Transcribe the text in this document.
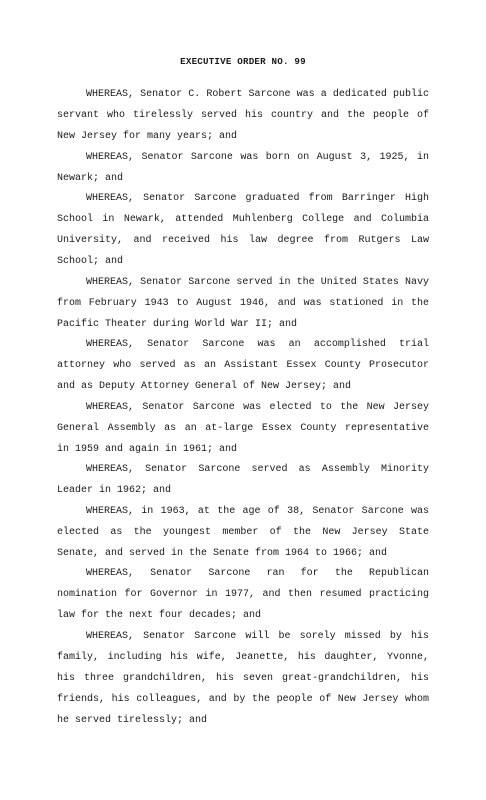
EXECUTIVE ORDER NO. 99

WHEREAS, Senator C. Robert Sarcone was a dedicated public servant who tirelessly served his country and the people of New Jersey for many years; and

WHEREAS, Senator Sarcone was born on August 3, 1925, in Newark; and

WHEREAS, Senator Sarcone graduated from Barringer High School in Newark, attended Muhlenberg College and Columbia University, and received his law degree from Rutgers Law School; and

WHEREAS, Senator Sarcone served in the United States Navy from February 1943 to August 1946, and was stationed in the Pacific Theater during World War II; and

WHEREAS, Senator Sarcone was an accomplished trial attorney who served as an Assistant Essex County Prosecutor and as Deputy Attorney General of New Jersey; and

WHEREAS, Senator Sarcone was elected to the New Jersey General Assembly as an at-large Essex County representative in 1959 and again in 1961; and

WHEREAS, Senator Sarcone served as Assembly Minority Leader in 1962; and

WHEREAS, in 1963, at the age of 38, Senator Sarcone was elected as the youngest member of the New Jersey State Senate, and served in the Senate from 1964 to 1966; and

WHEREAS, Senator Sarcone ran for the Republican nomination for Governor in 1977, and then resumed practicing law for the next four decades; and

WHEREAS, Senator Sarcone will be sorely missed by his family, including his wife, Jeanette, his daughter, Yvonne, his three grandchildren, his seven great-grandchildren, his friends, his colleagues, and by the people of New Jersey whom he served tirelessly; and
